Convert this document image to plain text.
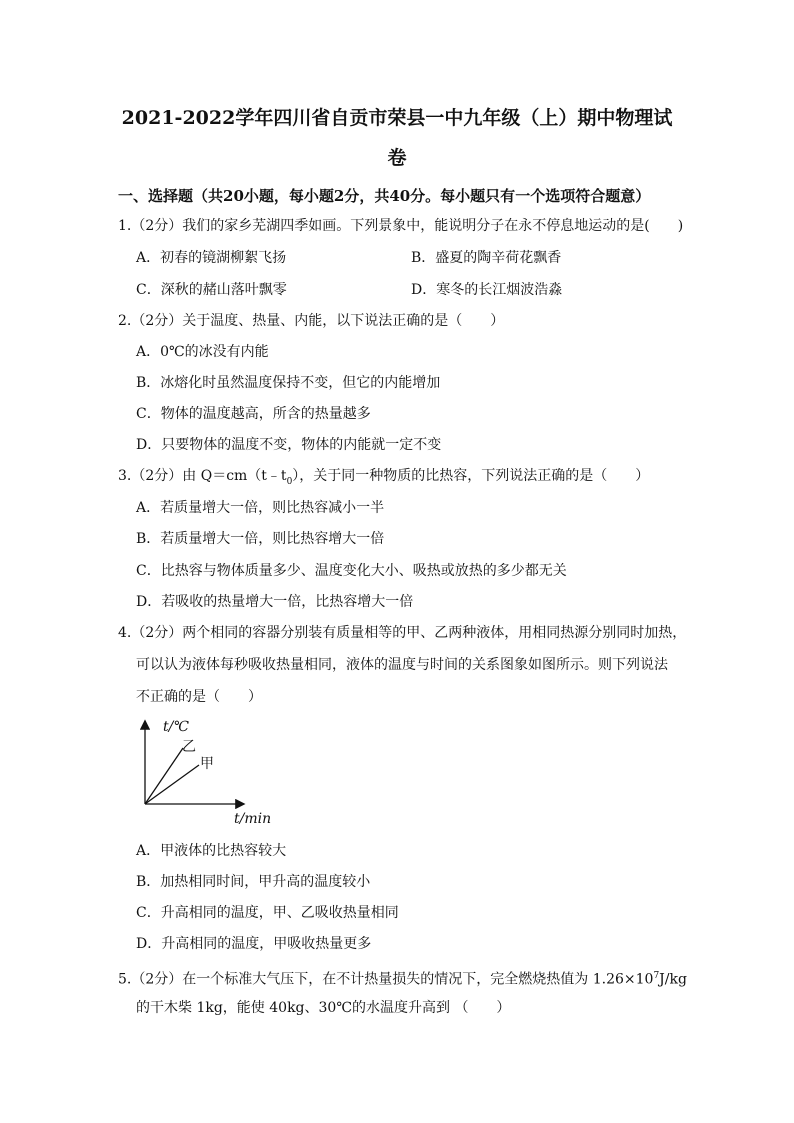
2021-2022学年四川省自贡市荣县一中九年级（上）期中物理试
卷
一、选择题（共20小题，每小题2分，共40分。每小题只有一个选项符合题意）
1.（2分）我们的家乡芜湖四季如画。下列景象中，能说明分子在永不停息地运动的是(　　)
A．初春的镜湖柳絮飞扬	B．盛夏的陶辛荷花飘香
C．深秋的赭山落叶飘零	D．寒冬的长江烟波浩淼
2.（2分）关于温度、热量、内能，以下说法正确的是（　　）
A．0℃的冰没有内能
B．冰熔化时虽然温度保持不变，但它的内能增加
C．物体的温度越高，所含的热量越多
D．只要物体的温度不变，物体的内能就一定不变
3.（2分）由 $Q=cm(t﹣t_0)$，关于同一种物质的比热容，下列说法正确的是（　　）
A．若质量增大一倍，则比热容减小一半
B．若质量增大一倍，则比热容增大一倍
C．比热容与物体质量多少、温度变化大小、吸热或放热的多少都无关
D．若吸收的热量增大一倍，比热容增大一倍
4.（2分）两个相同的容器分别装有质量相等的甲、乙两种液体，用相同热源分别同时加热，
可以认为液体每秒吸收热量相同，液体的温度与时间的关系图象如图所示。则下列说法
不正确的是（　　）
t/℃
乙
甲
t/min
A．甲液体的比热容较大
B．加热相同时间，甲升高的温度较小
C．升高相同的温度，甲、乙吸收热量相同
D．升高相同的温度，甲吸收热量更多
5.（2分）在一个标准大气压下，在不计热量损失的情况下，完全燃烧热值为 $1.26\times 10^7J/kg$
的干木柴 1kg，能使 40kg、30℃的水温度升高到 （　　）
